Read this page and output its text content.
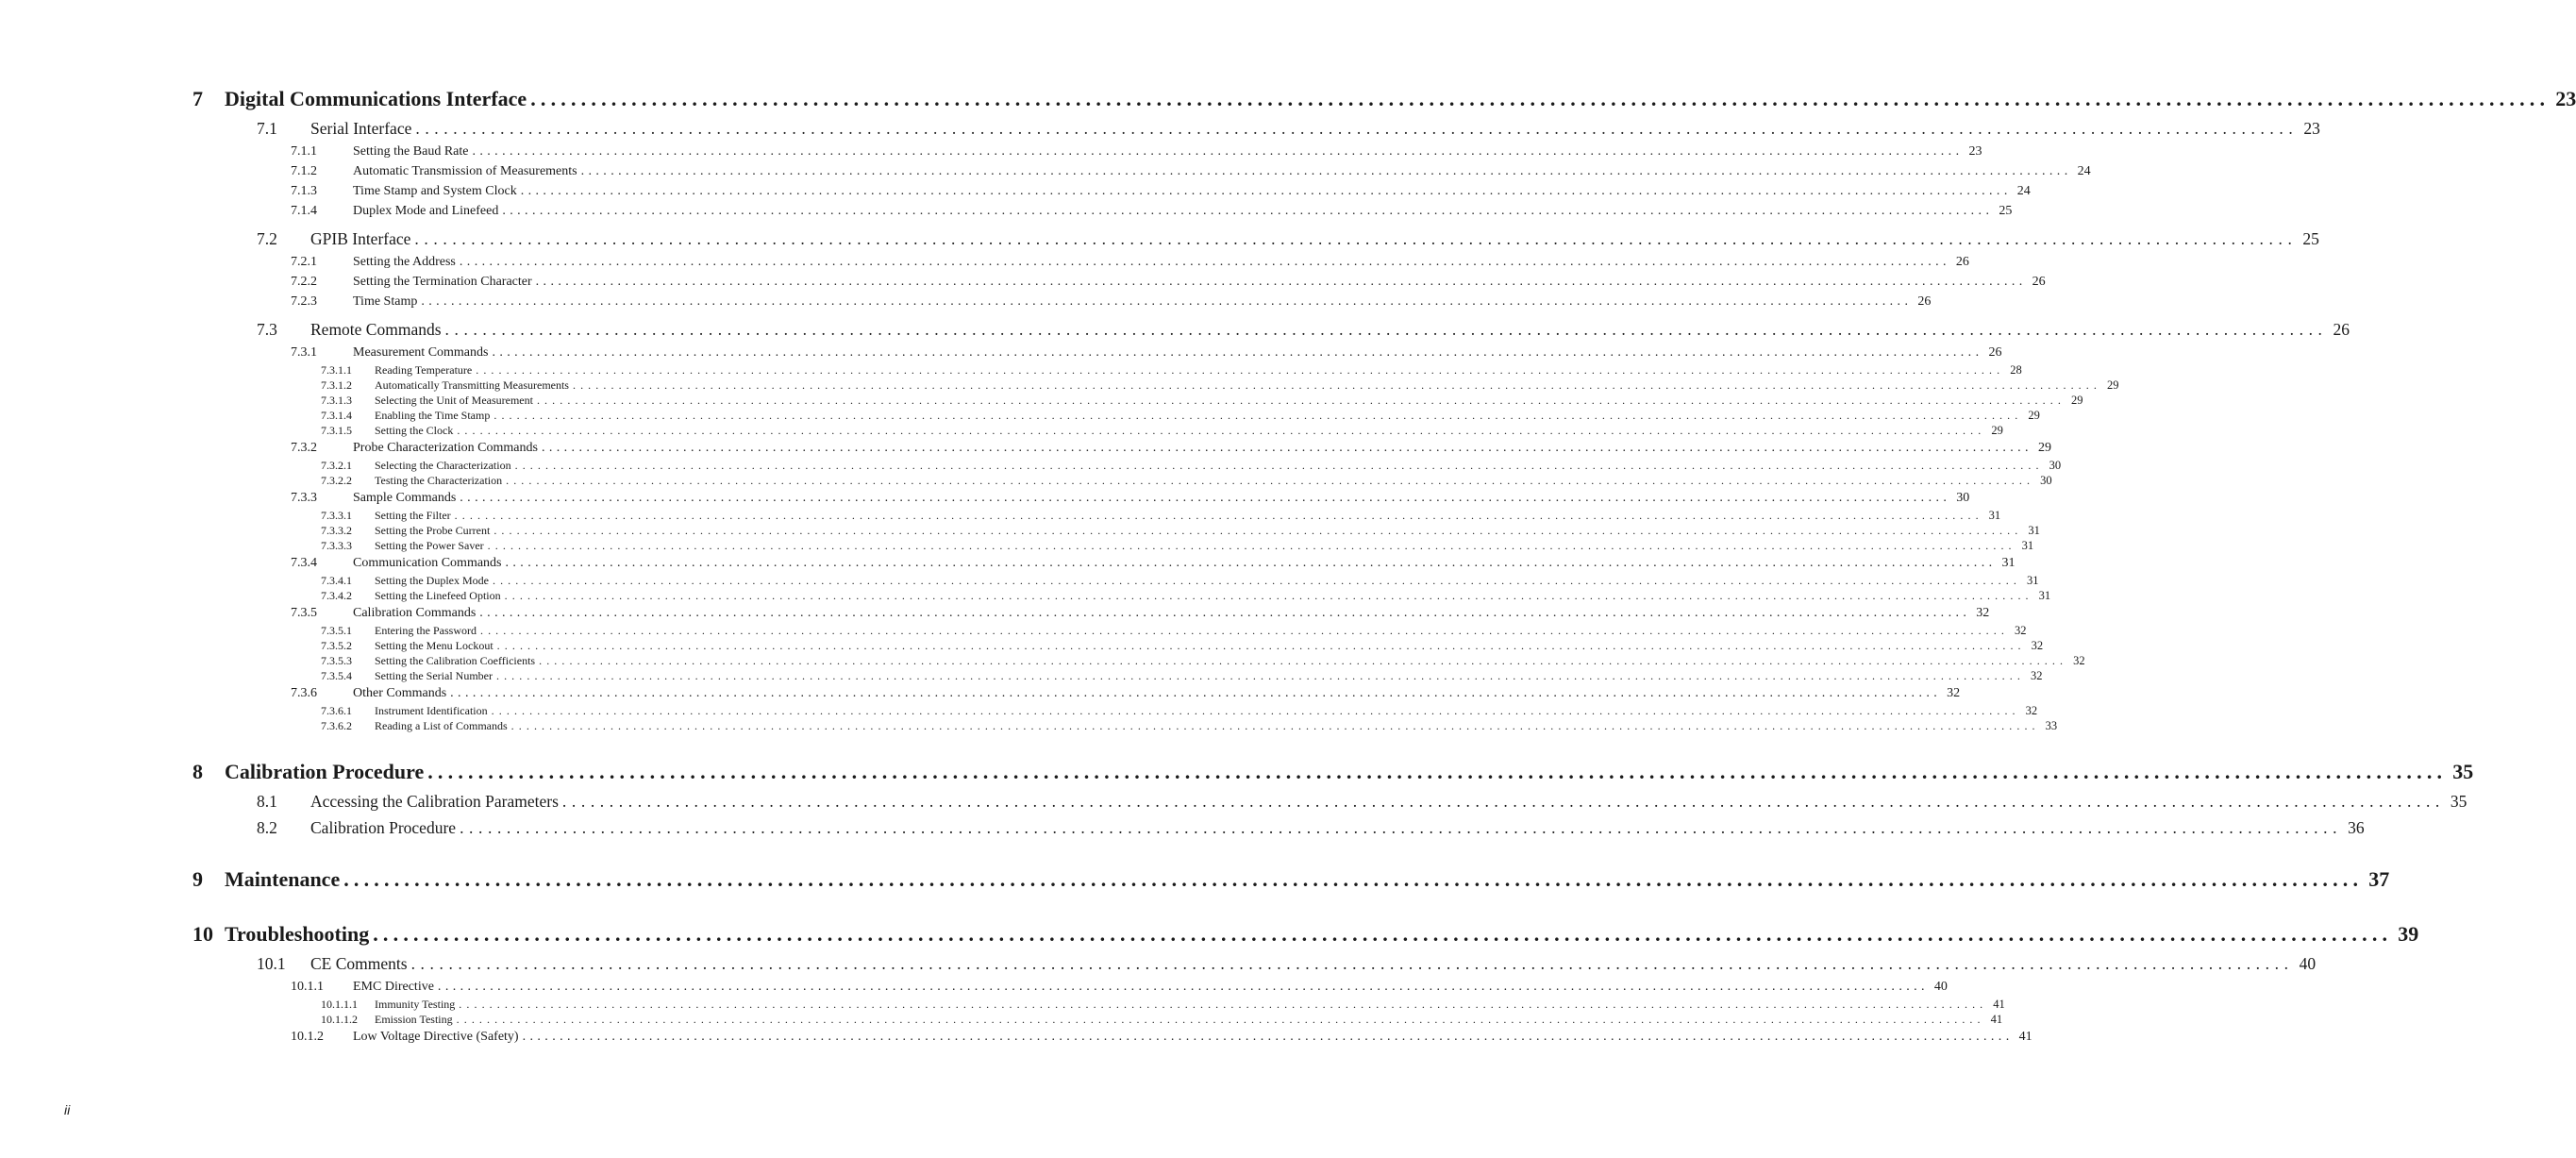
7	Digital Communications Interface ........................................................................................................................................................................................................ 23
7.1	Serial Interface ........................................................................................................................................................................................................ 23
7.1.1	Setting the Baud Rate ........................................................................................................................................................................................................ 23
7.1.2	Automatic Transmission of Measurements ........................................................................................................................................................................................................ 24
7.1.3	Time Stamp and System Clock ........................................................................................................................................................................................................ 24
7.1.4	Duplex Mode and Linefeed ........................................................................................................................................................................................................ 25
7.2	GPIB Interface ........................................................................................................................................................................................................ 25
7.2.1	Setting the Address ........................................................................................................................................................................................................ 26
7.2.2	Setting the Termination Character ........................................................................................................................................................................................................ 26
7.2.3	Time Stamp ........................................................................................................................................................................................................ 26
7.3	Remote Commands ........................................................................................................................................................................................................ 26
7.3.1	Measurement Commands ........................................................................................................................................................................................................ 26
7.3.1.1	Reading Temperature ........................................................................................................................................................................................................ 28
7.3.1.2	Automatically Transmitting Measurements ........................................................................................................................................................................................................ 29
7.3.1.3	Selecting the Unit of Measurement ........................................................................................................................................................................................................ 29
7.3.1.4	Enabling the Time Stamp ........................................................................................................................................................................................................ 29
7.3.1.5	Setting the Clock ........................................................................................................................................................................................................ 29
7.3.2	Probe Characterization Commands ........................................................................................................................................................................................................ 29
7.3.2.1	Selecting the Characterization ........................................................................................................................................................................................................ 30
7.3.2.2	Testing the Characterization ........................................................................................................................................................................................................ 30
7.3.3	Sample Commands ........................................................................................................................................................................................................ 30
7.3.3.1	Setting the Filter ........................................................................................................................................................................................................ 31
7.3.3.2	Setting the Probe Current ........................................................................................................................................................................................................ 31
7.3.3.3	Setting the Power Saver ........................................................................................................................................................................................................ 31
7.3.4	Communication Commands ........................................................................................................................................................................................................ 31
7.3.4.1	Setting the Duplex Mode ........................................................................................................................................................................................................ 31
7.3.4.2	Setting the Linefeed Option ........................................................................................................................................................................................................ 31
7.3.5	Calibration Commands ........................................................................................................................................................................................................ 32
7.3.5.1	Entering the Password ........................................................................................................................................................................................................ 32
7.3.5.2	Setting the Menu Lockout ........................................................................................................................................................................................................ 32
7.3.5.3	Setting the Calibration Coefficients ........................................................................................................................................................................................................ 32
7.3.5.4	Setting the Serial Number ........................................................................................................................................................................................................ 32
7.3.6	Other Commands ........................................................................................................................................................................................................ 32
7.3.6.1	Instrument Identification ........................................................................................................................................................................................................ 32
7.3.6.2	Reading a List of Commands ........................................................................................................................................................................................................ 33
8	Calibration Procedure ........................................................................................................................................................................................................ 35
8.1	Accessing the Calibration Parameters ........................................................................................................................................................................................................ 35
8.2	Calibration Procedure ........................................................................................................................................................................................................ 36
9	Maintenance ........................................................................................................................................................................................................ 37
10 Troubleshooting ........................................................................................................................................................................................................ 39
10.1	CE Comments ........................................................................................................................................................................................................ 40
10.1.1	EMC Directive ........................................................................................................................................................................................................ 40
10.1.1.1	Immunity Testing ........................................................................................................................................................................................................ 41
10.1.1.2	Emission Testing ........................................................................................................................................................................................................ 41
10.1.2	Low Voltage Directive (Safety) ........................................................................................................................................................................................................ 41
ii
